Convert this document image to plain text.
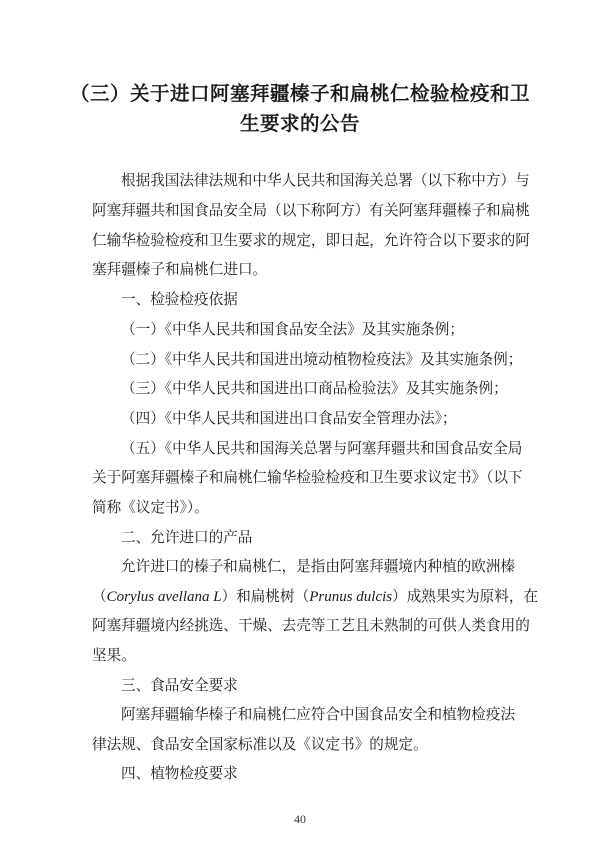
（三）关于进口阿塞拜疆榛子和扁桃仁检验检疫和卫
生要求的公告
根据我国法律法规和中华人民共和国海关总署（以下称中方）与
阿塞拜疆共和国食品安全局（以下称阿方）有关阿塞拜疆榛子和扁桃
仁输华检验检疫和卫生要求的规定，即日起，允许符合以下要求的阿
塞拜疆榛子和扁桃仁进口。
一、检验检疫依据
（一）《中华人民共和国食品安全法》及其实施条例；
（二）《中华人民共和国进出境动植物检疫法》及其实施条例；
（三）《中华人民共和国进出口商品检验法》及其实施条例；
（四）《中华人民共和国进出口食品安全管理办法》；
（五）《中华人民共和国海关总署与阿塞拜疆共和国食品安全局
关于阿塞拜疆榛子和扁桃仁输华检验检疫和卫生要求议定书》（以下
简称《议定书》）。
二、允许进口的产品
允许进口的榛子和扁桃仁，是指由阿塞拜疆境内种植的欧洲榛
（Corylus avellana L）和扁桃树（Prunus dulcis）成熟果实为原料，在
阿塞拜疆境内经挑选、干燥、去壳等工艺且未熟制的可供人类食用的
坚果。
三、食品安全要求
阿塞拜疆输华榛子和扁桃仁应符合中国食品安全和植物检疫法
律法规、食品安全国家标准以及《议定书》的规定。
四、植物检疫要求
40
